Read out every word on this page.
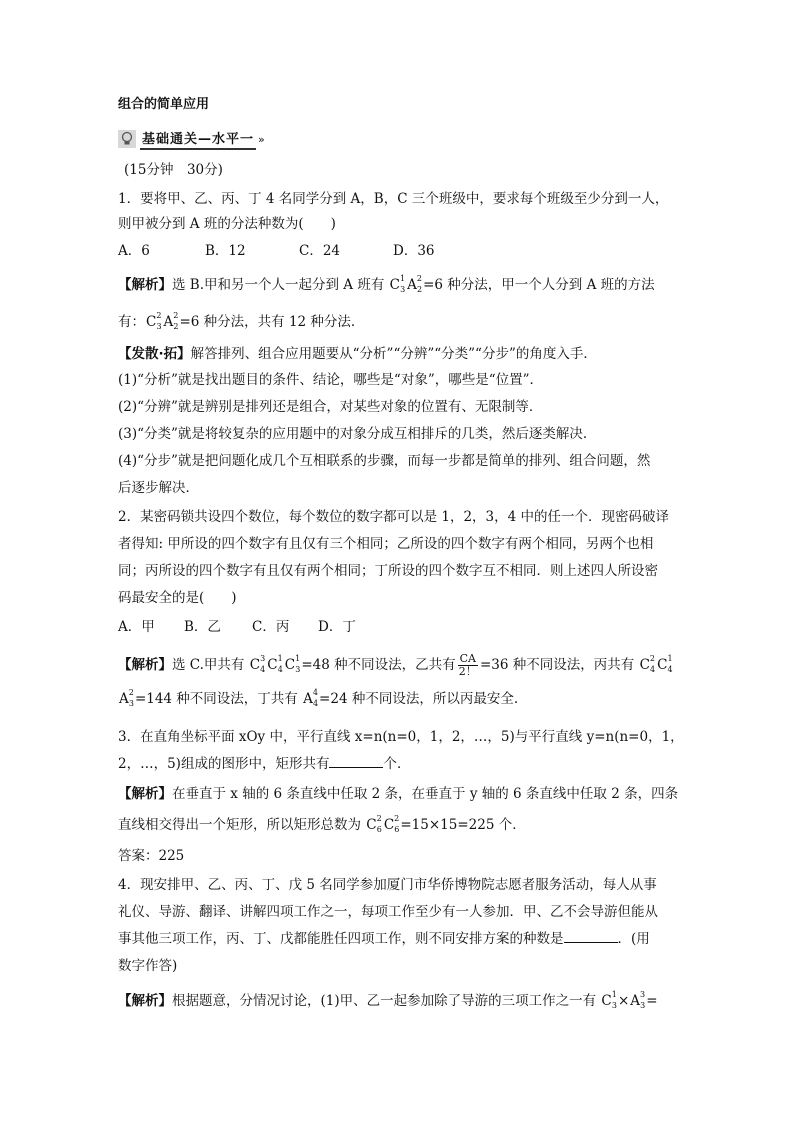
组合的简单应用
基础通关—水平一 »
(15分钟　30分)
1．要将甲、乙、丙、丁 4 名同学分到 A，B，C 三个班级中，要求每个班级至少分到一人，
则甲被分到 A 班的分法种数为(　　)
A．6	B．12	C．24	D．36
【解析】选 B.甲和另一个人一起分到 A 班有 $C^1_3$ $A^2_2=6$ 种分法，甲一个人分到 A 班的方法
有：$C^2_3$ $A^2_2=6$ 种分法，共有 12 种分法．
【发散·拓】解答排列、组合应用题要从“分析”“分辨”“分类”“分步”的角度入手．
(1)“分析”就是找出题目的条件、结论，哪些是“对象”，哪些是“位置”．
(2)“分辨”就是辨别是排列还是组合，对某些对象的位置有、无限制等．
(3)“分类”就是将较复杂的应用题中的对象分成互相排斥的几类，然后逐类解决．
(4)“分步”就是把问题化成几个互相联系的步骤，而每一步都是简单的排列、组合问题，然
后逐步解决．
2．某密码锁共设四个数位，每个数位的数字都可以是 1，2，3，4 中的任一个．现密码破译
者得知: 甲所设的四个数字有且仅有三个相同；乙所设的四个数字有两个相同，另两个也相
同；丙所设的四个数字有且仅有两个相同；丁所设的四个数字互不相同．则上述四人所设密
码最安全的是(　　)
A．甲 B．乙 C．丙 D．丁
【解析】选 C.甲共有 $C^3_4$ $C^1_4$ $C^1_3=48$ 种不同设法，乙共有 $\frac{CA}{2!} =36$ 种不同设法，丙共有 $C^2_4$ $C^1_4$
$A^2_3=144$ 种不同设法，丁共有 $A^4_4=24$ 种不同设法，所以丙最安全.
3．在直角坐标平面 xOy 中，平行直线 x=n(n=0，1，2，…，5)与平行直线 y=n(n=0，1，
2，…，5)组成的图形中，矩形共有	个．
【解析】在垂直于 x 轴的 6 条直线中任取 2 条，在垂直于 y 轴的 6 条直线中任取 2 条，四条
直线相交得出一个矩形，所以矩形总数为 $C^2_6$ $C^2_6=15\times 15=225$ 个．
答案：225
4．现安排甲、乙、丙、丁、戊 5 名同学参加厦门市华侨博物院志愿者服务活动，每人从事
礼仪、导游、翻译、讲解四项工作之一，每项工作至少有一人参加．甲、乙不会导游但能从
事其他三项工作，丙、丁、戊都能胜任四项工作，则不同安排方案的种数是	．(用
数字作答)
【解析】根据题意，分情况讨论，(1)甲、乙一起参加除了导游的三项工作之一有 $C^1_3\times A^3_3=$
